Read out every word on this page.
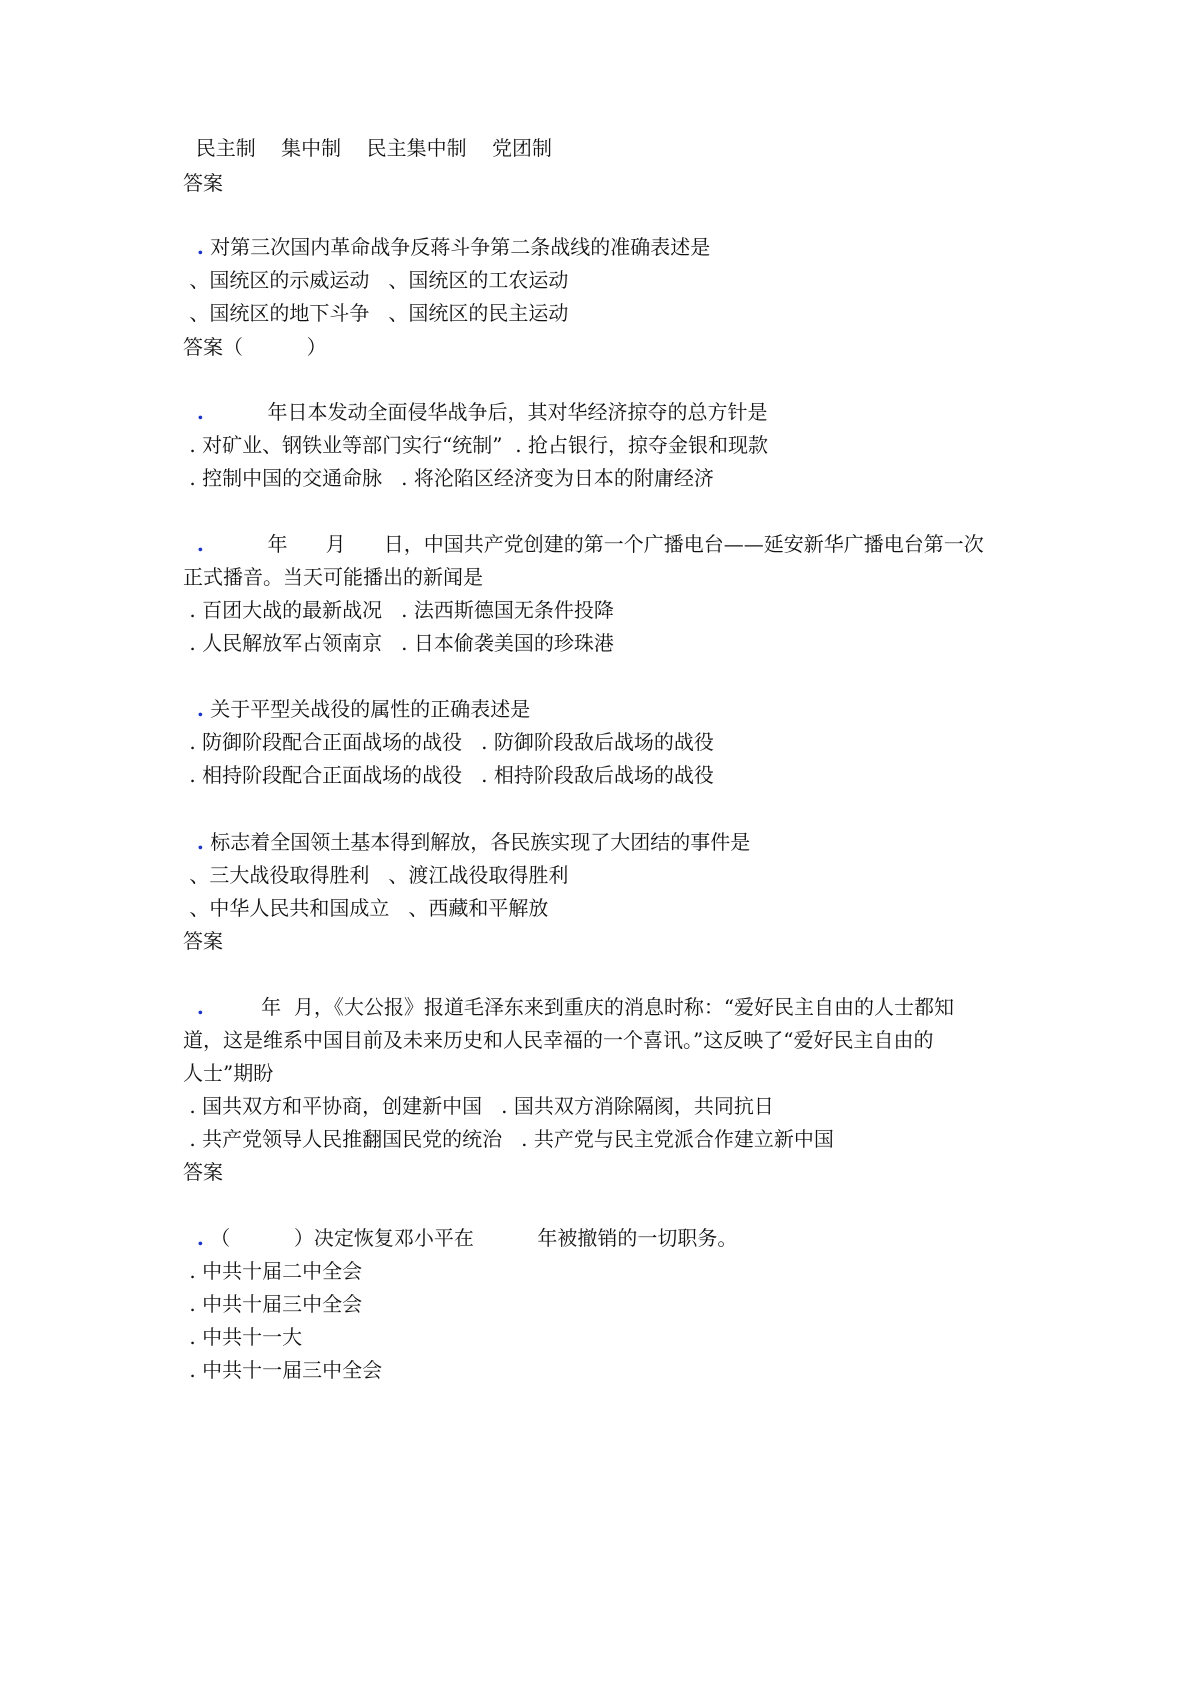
民主制    集中制    民主集中制    党团制
答案
. 对第三次国内革命战争反蒋斗争第二条战线的准确表述是
、国统区的示威运动   、国统区的工农运动
、国统区的地下斗争   、国统区的民主运动
答案（          ）
.          年日本发动全面侵华战争后，其对华经济掠夺的总方针是
. 对矿业、钢铁业等部门实行“统制”  . 抢占银行，掠夺金银和现款
. 控制中国的交通命脉   . 将沦陷区经济变为日本的附庸经济
.          年      月      日，中国共产党创建的第一个广播电台——延安新华广播电台第一次
正式播音。当天可能播出的新闻是
. 百团大战的最新战况   . 法西斯德国无条件投降
. 人民解放军占领南京   . 日本偷袭美国的珍珠港
. 关于平型关战役的属性的正确表述是
. 防御阶段配合正面战场的战役   . 防御阶段敌后战场的战役
. 相持阶段配合正面战场的战役   . 相持阶段敌后战场的战役
. 标志着全国领土基本得到解放，各民族实现了大团结的事件是
、三大战役取得胜利   、渡江战役取得胜利
、中华人民共和国成立   、西藏和平解放
答案
.         年  月，《大公报》报道毛泽东来到重庆的消息时称：“爱好民主自由的人士都知
道，这是维系中国目前及未来历史和人民幸福的一个喜讯。”这反映了“爱好民主自由的
人士”期盼
. 国共双方和平协商，创建新中国   . 国共双方消除隔阂，共同抗日
. 共产党领导人民推翻国民党的统治   . 共产党与民主党派合作建立新中国
答案
. （          ）决定恢复邓小平在          年被撤销的一切职务。
. 中共十届二中全会
. 中共十届三中全会
. 中共十一大
. 中共十一届三中全会
